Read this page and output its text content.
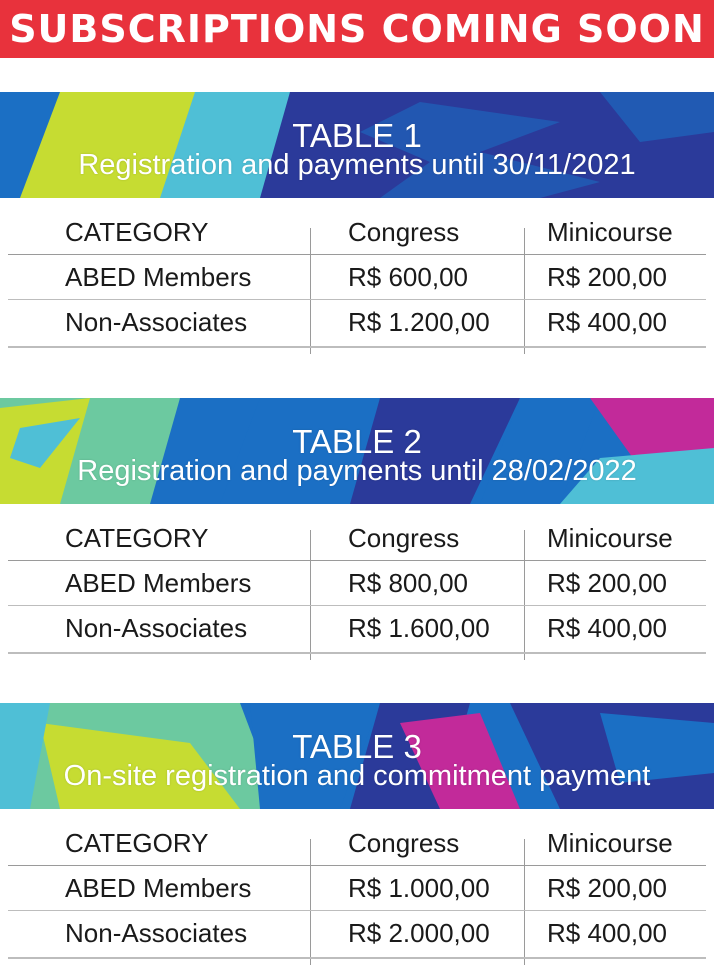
SUBSCRIPTIONS COMING SOON
TABLE 1
Registration and payments until 30/11/2021
CATEGORY	Congress	Minicourse
ABED Members	R$ 600,00	R$ 200,00
Non-Associates	R$ 1.200,00 R$ 400,00
TABLE 2
Registration and payments until 28/02/2022
CATEGORY	Congress	Minicourse
ABED Members	R$ 800,00	R$ 200,00
Non-Associates	R$ 1.600,00 R$ 400,00
TABLE 3
On-site registration and commitment payment
CATEGORY	Congress	Minicourse
ABED Members	R$ 1.000,00 R$ 200,00
Non-Associates	R$ 2.000,00 R$ 400,00
